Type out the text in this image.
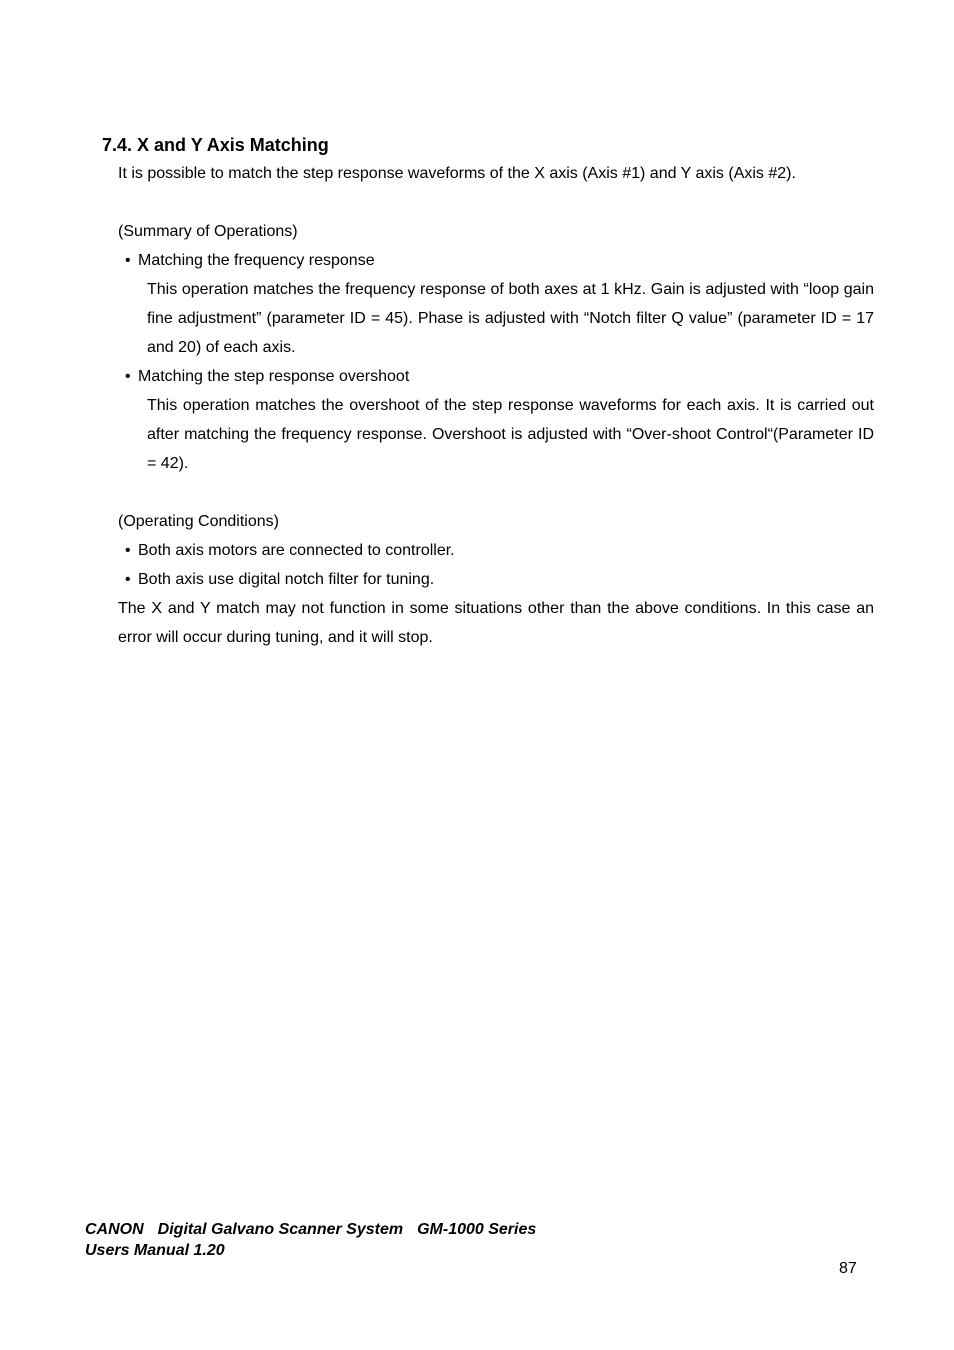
7.4. X and Y Axis Matching

It is possible to match the step response waveforms of the X axis (Axis #1) and Y axis (Axis #2).

(Summary of Operations)

• Matching the frequency response

This operation matches the frequency response of both axes at 1 kHz. Gain is adjusted with “loop gain fine adjustment” (parameter ID = 45). Phase is adjusted with “Notch filter Q value” (parameter ID = 17 and 20) of each axis.

• Matching the step response overshoot

This operation matches the overshoot of the step response waveforms for each axis. It is carried out after matching the frequency response. Overshoot is adjusted with “Over-shoot Control“(Parameter ID = 42).

(Operating Conditions)

• Both axis motors are connected to controller.

• Both axis use digital notch filter for tuning.

The X and Y match may not function in some situations other than the above conditions. In this case an error will occur during tuning, and it will stop.

CANON Digital Galvano Scanner System GM-1000 Series
Users Manual 1.20
87
